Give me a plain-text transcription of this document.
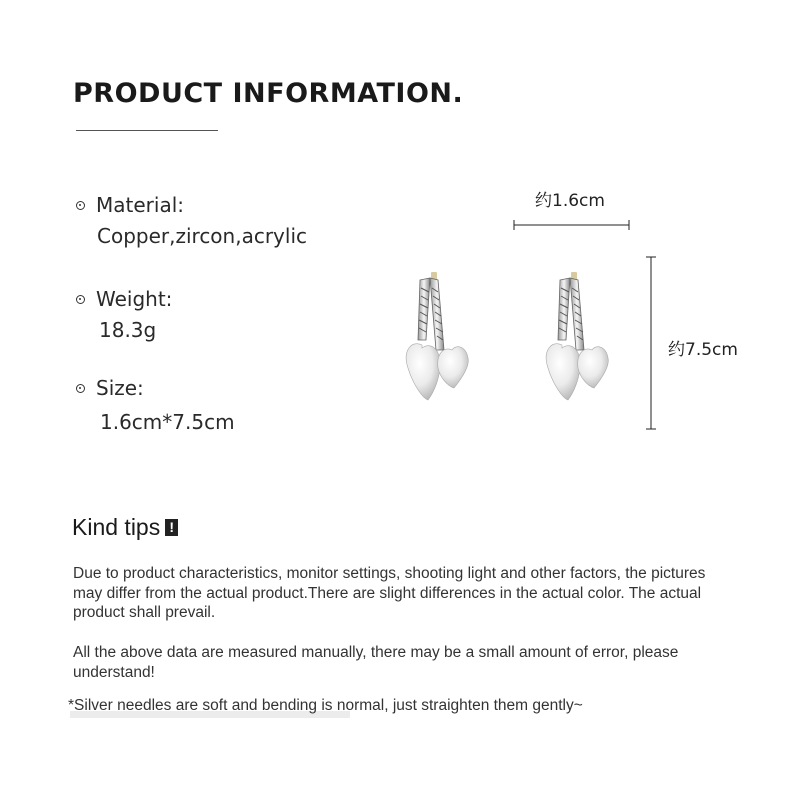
PRODUCT INFORMATION.
Material:
Copper,zircon,acrylic
Weight:
18.3g
Size:
1.6cm*7.5cm
约1.6cm
约7.5cm
Kind tips !
Due to product characteristics, monitor settings, shooting light and other factors, the pictures may differ from the actual product.There are slight differences in the actual color. The actual product shall prevail.
All the above data are measured manually, there may be a small amount of error, please understand!
*Silver needles are soft and bending is normal, just straighten them gently~
